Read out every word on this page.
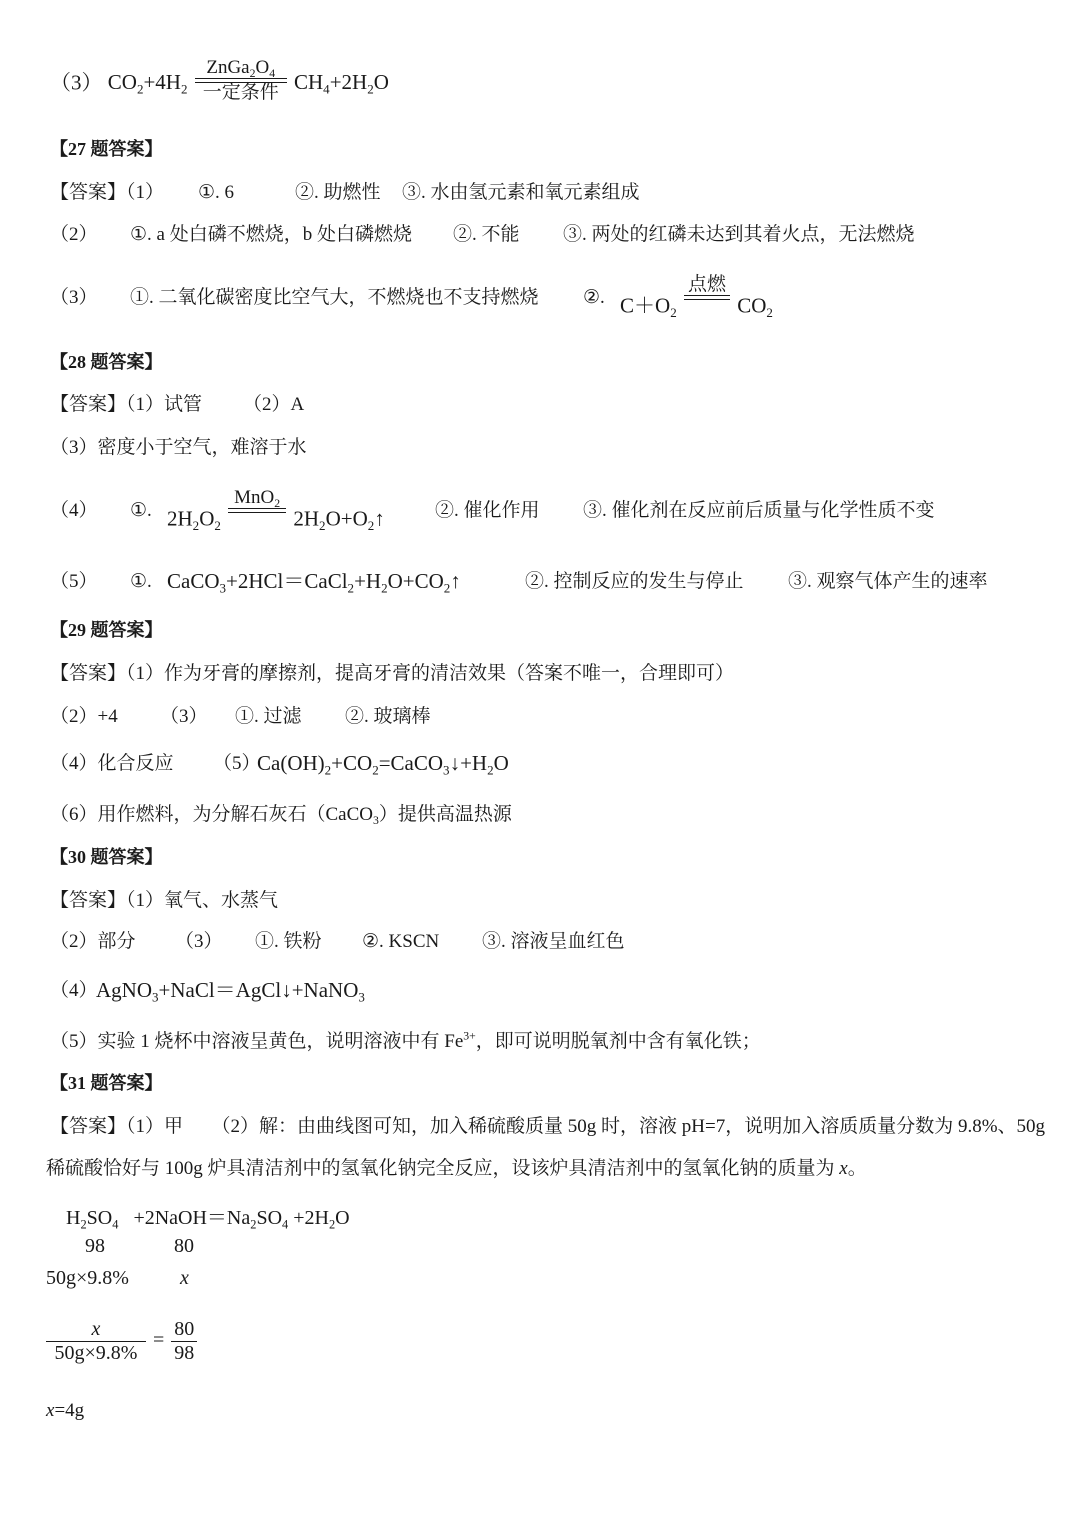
（3） $CO_2+4H_2$
$ZnGa_2O_4$
一定条件 $CH_4+2H_2O$
【27 题答案】
【答案】（1） ①. 6	②. 助燃性 ③. 水由氢元素和氧元素组成
（2） ①. a 处白磷不燃烧，b 处白磷燃烧 ②. 不能 ③. 两处的红磷未达到其着火点，无法燃烧
（3） ①. 二氧化碳密度比空气大，不燃烧也不支持燃烧 ②. $C+O_2$
点燃

$CO_2$
【28 题答案】
【答案】（1）试管 （2）A
（3）密度小于空气，难溶于水
（4） ①. $2H_2O_2$
MnO$_2$

$2H_2O+O_2↑$	②. 催化作用 ③. 催化剂在反应前后质量与化学性质不变
（5） ①. $CaCO_3+2HCl=CaCl_2+H_2O+CO_2↑$	②. 控制反应的发生与停止 ③. 观察气体产生的速率
【29 题答案】
【答案】（1）作为牙膏的摩擦剂，提高牙膏的清洁效果（答案不唯一，合理即可）
（2）+4 （3） ①. 过滤 ②. 玻璃棒
（4）化合反应 （5）
$Ca(OH)_2+CO_2=CaCO_3↓+H_2O$
（6）用作燃料，为分解石灰石（CaCO$_3$）提供高温热源
【30 题答案】
【答案】（1）氧气、水蒸气
（2）部分 （3） ①. 铁粉 ②. KSCN ③. 溶液呈血红色
（4）
AgNO$_3$+NaCl＝AgCl↓+NaNO$_3$
（5）实验 1 烧杯中溶液呈黄色，说明溶液中有 $Fe^{3+}$，即可说明脱氧剂中含有氧化铁；
【31 题答案】
【答案】（1）甲　　（2）解：由曲线图可知，加入稀硫酸质量 50g 时，溶液 pH=7，说明加入溶质质量分数为 9.8%、50g
稀硫酸恰好与 100g 炉具清洁剂中的氢氧化钠完全反应，设该炉具清洁剂中的氢氧化钠的质量为 x。
$H_2SO_4$ $+2NaOH=Na_2SO_4 +2H_2O$
98	80
50g×9.8%	x
$\frac{x}{50g\times 9.8\%} = \frac{80}{98}$
x=4g
